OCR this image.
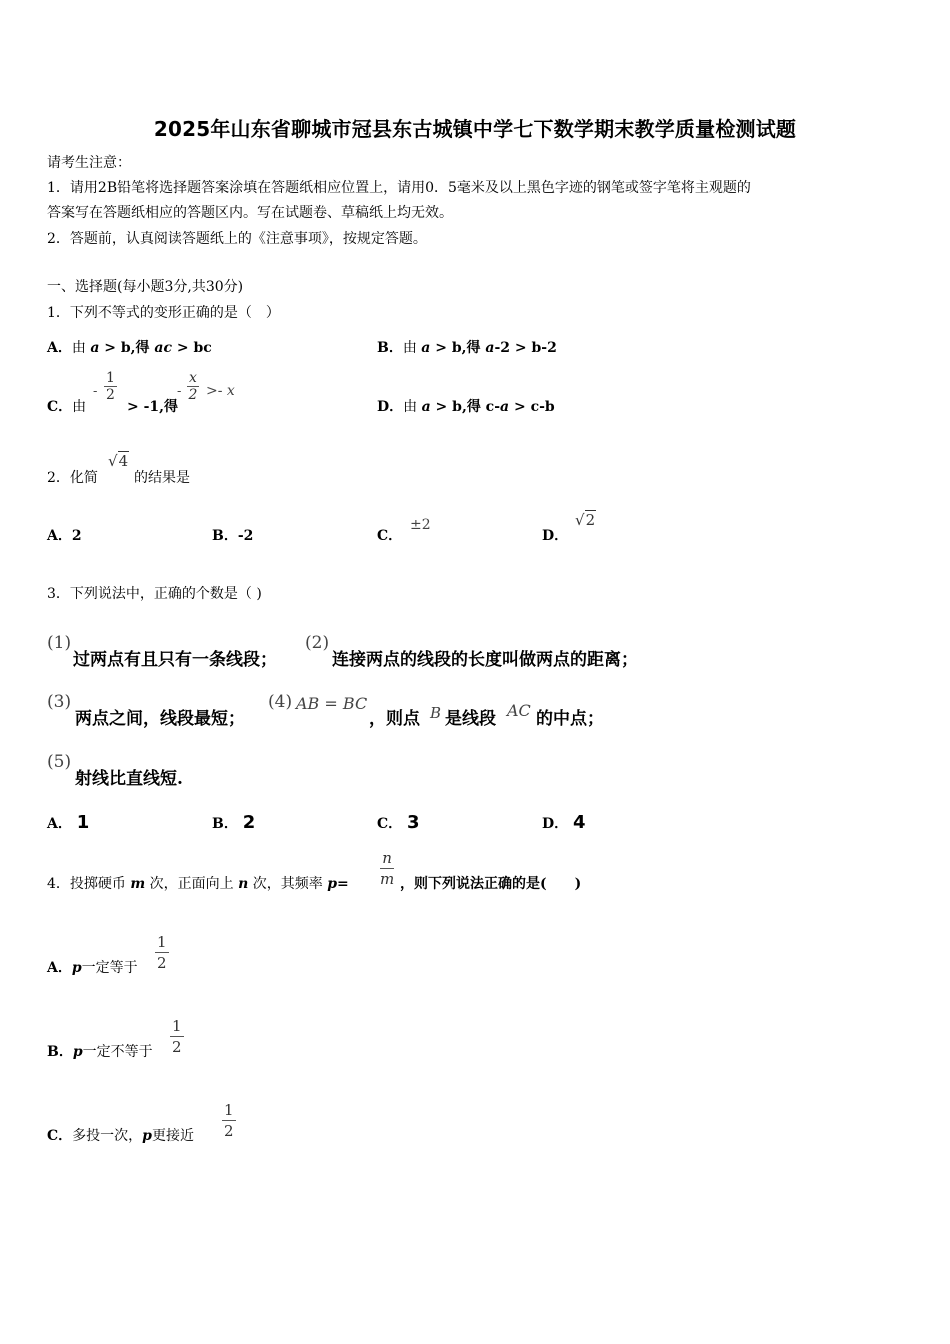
2025年山东省聊城市冠县东古城镇中学七下数学期末教学质量检测试题
请考生注意：
1．请用2B铅笔将选择题答案涂填在答题纸相应位置上，请用0．5毫米及以上黑色字迹的钢笔或签字笔将主观题的
答案写在答题纸相应的答题区内。写在试题卷、草稿纸上均无效。
2．答题前，认真阅读答题纸上的《注意事项》，按规定答题。
一、选择题(每小题3分,共30分)
1．下列不等式的变形正确的是（　）
A．由 a > b,得 ac > bc	B．由 a > b,得 a-2 > b-2
C．由
- $\frac{1}{2}$
> -1,得
- $\frac{x}{2} >- x$
D．由 a > b,得 c-a > c-b
2．化简
√4
的结果是
A．2	B．-2	C．
±2
D．
√2
3．下列说法中，正确的个数是（ )
(1)
过两点有且只有一条线段；
(2)
连接两点的线段的长度叫做两点的距离；
(3)
两点之间，线段最短；
(4) AB = BC
，则点 B 是线段 AC 的中点；
(5)
射线比直线短.
A． 1	B． 2	C． 3	D． 4
4．投掷硬币 m 次，正面向上 n 次，其频率 $p= \frac{n}{m}$ ，则下列说法正确的是(　　)
A．p一定等于 $\frac{1}{2}$
B．p一定不等于 $\frac{1}{2}$
C．多投一次，p更接近 $\frac{1}{2}$
